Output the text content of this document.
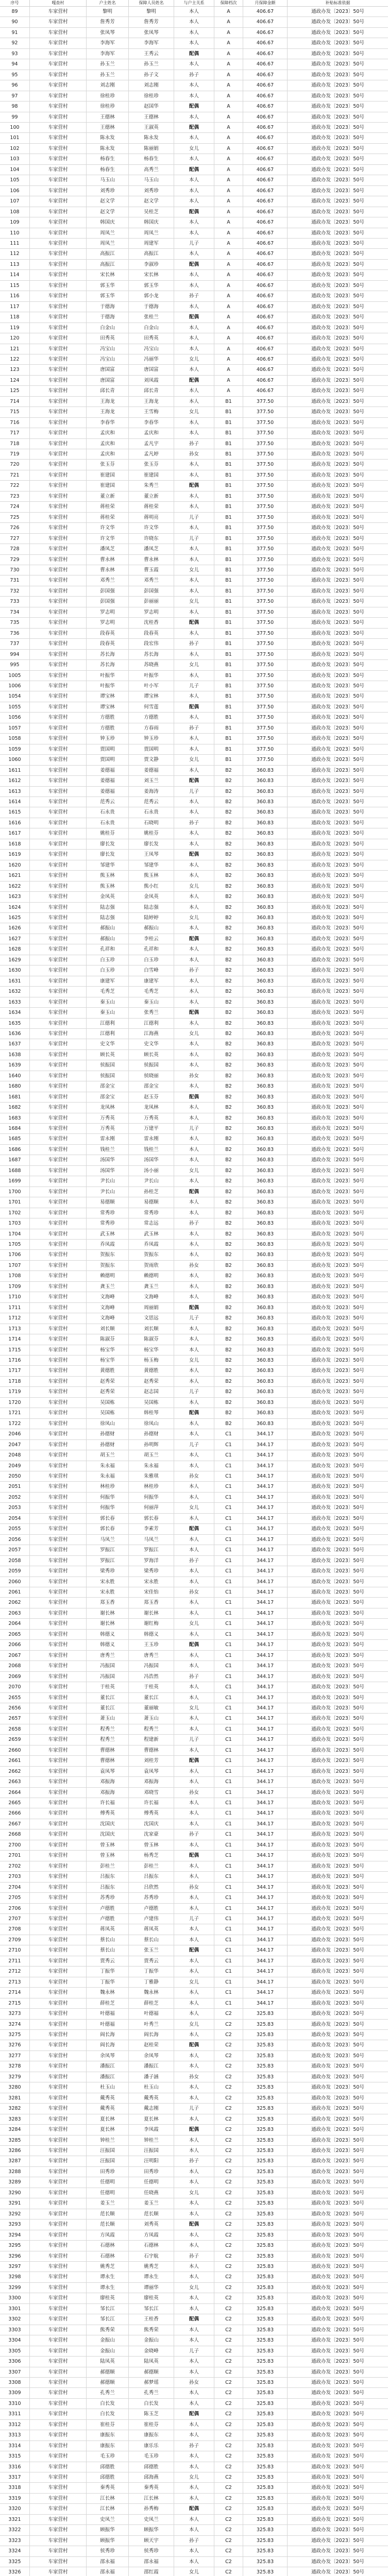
序号	嘎查村	户主姓名	保障人员姓名	与户主关系	保障档次	月保障金额	补贴标准依据
89	车家营村	黎明	黎明	本人	A	406.67	通政办发〔2023〕50号
90	车家营村	詹秀芳	詹秀芳	本人	A	406.67	通政办发〔2023〕50号
91	车家营村	张凤琴	张凤琴	本人	A	406.67	通政办发〔2023〕50号
92	车家营村	李海军	李海军	本人	A	406.67	通政办发〔2023〕50号
93	车家营村	李海军	王秀云	配偶	A	406.67	通政办发〔2023〕50号
94	车家营村	孙玉兰	孙玉兰	本人	A	406.67	通政办发〔2023〕50号
95	车家营村	孙玉兰	孙子文	孙子	A	406.67	通政办发〔2023〕50号
96	车家营村	刘志刚	刘志刚	本人	A	406.67	通政办发〔2023〕50号
97	车家营村	徐桂珍	徐桂珍	本人	A	406.67	通政办发〔2023〕50号
98	车家营村	徐桂珍	赵国华	配偶	A	406.67	通政办发〔2023〕50号
99	车家营村	王德林	王德林	本人	A	406.67	通政办发〔2023〕50号
100	车家营村	王德林	王淑英	配偶	A	406.67	通政办发〔2023〕50号
101	车家营村	陈永发	陈永发	本人	A	406.67	通政办发〔2023〕50号
102	车家营村	陈永发	陈丽娟	女儿	A	406.67	通政办发〔2023〕50号
103	车家营村	杨春生	杨春生	本人	A	406.67	通政办发〔2023〕50号
104	车家营村	杨春生	高秀兰	配偶	A	406.67	通政办发〔2023〕50号
105	车家营村	马玉山	马玉山	本人	A	406.67	通政办发〔2023〕50号
106	车家营村	刘秀珍	刘秀珍	本人	A	406.67	通政办发〔2023〕50号
107	车家营村	赵文学	赵文学	本人	A	406.67	通政办发〔2023〕50号
108	车家营村	赵文学	吴桂芝	配偶	A	406.67	通政办发〔2023〕50号
109	车家营村	韩国庆	韩国庆	本人	A	406.67	通政办发〔2023〕50号
110	车家营村	周凤兰	周凤兰	本人	A	406.67	通政办发〔2023〕50号
111	车家营村	周凤兰	周建军	儿子	A	406.67	通政办发〔2023〕50号
112	车家营村	高振江	高振江	本人	A	406.67	通政办发〔2023〕50号
113	车家营村	高振江	李淑珍	配偶	A	406.67	通政办发〔2023〕50号
114	车家营村	宋长林	宋长林	本人	A	406.67	通政办发〔2023〕50号
115	车家营村	郭玉华	郭玉华	本人	A	406.67	通政办发〔2023〕50号
116	车家营村	郭玉华	郭小龙	孙子	A	406.67	通政办发〔2023〕50号
117	车家营村	于德海	于德海	本人	A	406.67	通政办发〔2023〕50号
118	车家营村	于德海	张桂兰	配偶	A	406.67	通政办发〔2023〕50号
119	车家营村	白金山	白金山	本人	A	406.67	通政办发〔2023〕50号
120	车家营村	田秀英	田秀英	本人	A	406.67	通政办发〔2023〕50号
121	车家营村	冯宝山	冯宝山	本人	A	406.67	通政办发〔2023〕50号
122	车家营村	冯宝山	冯丽华	女儿	A	406.67	通政办发〔2023〕50号
123	车家营村	唐国富	唐国富	本人	A	406.67	通政办发〔2023〕50号
124	车家营村	唐国富	刘凤霞	配偶	A	406.67	通政办发〔2023〕50号
125	车家营村	邱长青	邱长青	本人	A	406.67	通政办发〔2023〕50号
714	车家营村	王海龙	王海龙	本人	B1	377.50	通政办发〔2023〕50号
715	车家营村	王海龙	王雪梅	女儿	B1	377.50	通政办发〔2023〕50号
716	车家营村	李春华	李春华	本人	B1	377.50	通政办发〔2023〕50号
717	车家营村	孟庆和	孟庆和	本人	B1	377.50	通政办发〔2023〕50号
718	车家营村	孟庆和	孟凡宇	孙子	B1	377.50	通政办发〔2023〕50号
719	车家营村	孟庆和	孟凡婷	孙女	B1	377.50	通政办发〔2023〕50号
720	车家营村	张玉芬	张玉芬	本人	B1	377.50	通政办发〔2023〕50号
721	车家营村	崔建国	崔建国	本人	B1	377.50	通政办发〔2023〕50号
722	车家营村	崔建国	朱秀兰	配偶	B1	377.50	通政办发〔2023〕50号
723	车家营村	董立新	董立新	本人	B1	377.50	通政办发〔2023〕50号
724	车家营村	蒋桂荣	蒋桂荣	本人	B1	377.50	通政办发〔2023〕50号
725	车家营村	蒋桂荣	蒋明亮	儿子	B1	377.50	通政办发〔2023〕50号
726	车家营村	许文华	许文华	本人	B1	377.50	通政办发〔2023〕50号
727	车家营村	许文华	许晓东	儿子	B1	377.50	通政办发〔2023〕50号
728	车家营村	潘凤芝	潘凤芝	本人	B1	377.50	通政办发〔2023〕50号
729	车家营村	曹永林	曹永林	本人	B1	377.50	通政办发〔2023〕50号
730	车家营村	曹永林	曹玉霞	女儿	B1	377.50	通政办发〔2023〕50号
731	车家营村	邓秀兰	邓秀兰	本人	B1	377.50	通政办发〔2023〕50号
732	车家营村	彭国强	彭国强	本人	B1	377.50	通政办发〔2023〕50号
733	车家营村	彭国强	彭丽丽	女儿	B1	377.50	通政办发〔2023〕50号
734	车家营村	罗志明	罗志明	本人	B1	377.50	通政办发〔2023〕50号
735	车家营村	罗志明	沈桂香	配偶	B1	377.50	通政办发〔2023〕50号
736	车家营村	段春英	段春英	本人	B1	377.50	通政办发〔2023〕50号
737	车家营村	段春英	段宏伟	孙子	B1	377.50	通政办发〔2023〕50号
994	车家营村	苏长海	苏长海	本人	B1	377.50	通政办发〔2023〕50号
995	车家营村	苏长海	苏晓燕	女儿	B1	377.50	通政办发〔2023〕50号
1005	车家营村	叶振华	叶振华	本人	B1	377.50	通政办发〔2023〕50号
1006	车家营村	叶振华	叶小军	儿子	B1	377.50	通政办发〔2023〕50号
1054	车家营村	谭宝林	谭宝林	本人	B1	377.50	通政办发〔2023〕50号
1055	车家营村	谭宝林	何雪莲	配偶	B1	377.50	通政办发〔2023〕50号
1056	车家营村	方德胜	方德胜	本人	B1	377.50	通政办发〔2023〕50号
1057	车家营村	方德胜	方春雨	孙子	B1	377.50	通政办发〔2023〕50号
1058	车家营村	钟玉珍	钟玉珍	本人	B1	377.50	通政办发〔2023〕50号
1059	车家营村	贾国明	贾国明	本人	B1	377.50	通政办发〔2023〕50号
1060	车家营村	贾国明	贾文静	女儿	B1	377.50	通政办发〔2023〕50号
1611	车家营村	姜德福	姜德福	本人	B2	360.83	通政办发〔2023〕50号
1612	车家营村	姜德福	刘玉兰	配偶	B2	360.83	通政办发〔2023〕50号
1613	车家营村	姜德福	姜海涛	儿子	B2	360.83	通政办发〔2023〕50号
1614	车家营村	范秀云	范秀云	本人	B2	360.83	通政办发〔2023〕50号
1615	车家营村	石永贵	石永贵	本人	B2	360.83	通政办发〔2023〕50号
1616	车家营村	石永贵	石晓明	孙子	B2	360.83	通政办发〔2023〕50号
1617	车家营村	姚桂芬	姚桂芬	本人	B2	360.83	通政办发〔2023〕50号
1618	车家营村	廖长发	廖长发	本人	B2	360.83	通政办发〔2023〕50号
1619	车家营村	廖长发	王凤琴	配偶	B2	360.83	通政办发〔2023〕50号
1620	车家营村	邹建华	邹建华	本人	B2	360.83	通政办发〔2023〕50号
1621	车家营村	熊玉林	熊玉林	本人	B2	360.83	通政办发〔2023〕50号
1622	车家营村	熊玉林	熊小红	女儿	B2	360.83	通政办发〔2023〕50号
1623	车家营村	金凤英	金凤英	本人	B2	360.83	通政办发〔2023〕50号
1624	车家营村	陆志强	陆志强	本人	B2	360.83	通政办发〔2023〕50号
1625	车家营村	陆志强	陆婷婷	女儿	B2	360.83	通政办发〔2023〕50号
1626	车家营村	郝振山	郝振山	本人	B2	360.83	通政办发〔2023〕50号
1627	车家营村	郝振山	李桂云	配偶	B2	360.83	通政办发〔2023〕50号
1628	车家营村	孔祥和	孔祥和	本人	B2	360.83	通政办发〔2023〕50号
1629	车家营村	白玉珍	白玉珍	本人	B2	360.83	通政办发〔2023〕50号
1630	车家营村	白玉珍	白雪峰	孙子	B2	360.83	通政办发〔2023〕50号
1631	车家营村	康建军	康建军	本人	B2	360.83	通政办发〔2023〕50号
1632	车家营村	毛秀芝	毛秀芝	本人	B2	360.83	通政办发〔2023〕50号
1633	车家营村	秦玉山	秦玉山	本人	B2	360.83	通政办发〔2023〕50号
1634	车家营村	秦玉山	张秀兰	配偶	B2	360.83	通政办发〔2023〕50号
1635	车家营村	江德利	江德利	本人	B2	360.83	通政办发〔2023〕50号
1636	车家营村	江德利	江海燕	女儿	B2	360.83	通政办发〔2023〕50号
1637	车家营村	史文华	史文华	本人	B2	360.83	通政办发〔2023〕50号
1638	车家营村	顾长英	顾长英	本人	B2	360.83	通政办发〔2023〕50号
1639	车家营村	侯振国	侯振国	本人	B2	360.83	通政办发〔2023〕50号
1640	车家营村	侯振国	侯晓丽	孙女	B2	360.83	通政办发〔2023〕50号
1680	车家营村	邵金宝	邵金宝	本人	B2	360.83	通政办发〔2023〕50号
1681	车家营村	邵金宝	赵玉芬	配偶	B2	360.83	通政办发〔2023〕50号
1682	车家营村	龙凤林	龙凤林	本人	B2	360.83	通政办发〔2023〕50号
1683	车家营村	万秀英	万秀英	本人	B2	360.83	通政办发〔2023〕50号
1684	车家营村	万秀英	万建平	儿子	B2	360.83	通政办发〔2023〕50号
1685	车家营村	雷永刚	雷永刚	本人	B2	360.83	通政办发〔2023〕50号
1686	车家营村	钱桂兰	钱桂兰	本人	B2	360.83	通政办发〔2023〕50号
1687	车家营村	汤国华	汤国华	本人	B2	360.83	通政办发〔2023〕50号
1688	车家营村	汤国华	汤小丽	女儿	B2	360.83	通政办发〔2023〕50号
1699	车家营村	尹长山	尹长山	本人	B2	360.83	通政办发〔2023〕50号
1700	车家营村	尹长山	孙桂芝	配偶	B2	360.83	通政办发〔2023〕50号
1701	车家营村	易德顺	易德顺	本人	B2	360.83	通政办发〔2023〕50号
1702	车家营村	常秀珍	常秀珍	本人	B2	360.83	通政办发〔2023〕50号
1703	车家营村	常秀珍	常志远	孙子	B2	360.83	通政办发〔2023〕50号
1704	车家营村	武玉林	武玉林	本人	B2	360.83	通政办发〔2023〕50号
1705	车家营村	乔凤霞	乔凤霞	本人	B2	360.83	通政办发〔2023〕50号
1706	车家营村	贺振东	贺振东	本人	B2	360.83	通政办发〔2023〕50号
1707	车家营村	贺振东	贺雨欣	孙女	B2	360.83	通政办发〔2023〕50号
1708	车家营村	赖德明	赖德明	本人	B2	360.83	通政办发〔2023〕50号
1709	车家营村	龚玉兰	龚玉兰	本人	B2	360.83	通政办发〔2023〕50号
1710	车家营村	文海峰	文海峰	本人	B2	360.83	通政办发〔2023〕50号
1711	车家营村	文海峰	周丽娟	配偶	B2	360.83	通政办发〔2023〕50号
1712	车家营村	文海峰	文思远	儿子	B2	360.83	通政办发〔2023〕50号
1713	车家营村	刘长顺	刘长顺	本人	B2	360.83	通政办发〔2023〕50号
1714	车家营村	陈淑芬	陈淑芬	本人	B2	360.83	通政办发〔2023〕50号
1715	车家营村	杨宝华	杨宝华	本人	B2	360.83	通政办发〔2023〕50号
1716	车家营村	杨宝华	杨玉梅	女儿	B2	360.83	通政办发〔2023〕50号
1717	车家营村	黄德胜	黄德胜	本人	B2	360.83	通政办发〔2023〕50号
1718	车家营村	赵秀荣	赵秀荣	本人	B2	360.83	通政办发〔2023〕50号
1719	车家营村	赵秀荣	赵志国	儿子	B2	360.83	通政办发〔2023〕50号
1720	车家营村	吴国栋	吴国栋	本人	B2	360.83	通政办发〔2023〕50号
1721	车家营村	吴国栋	韩桂琴	配偶	B2	360.83	通政办发〔2023〕50号
1722	车家营村	徐凤山	徐凤山	本人	B2	360.83	通政办发〔2023〕50号
2046	车家营村	孙德财	孙德财	本人	C1	344.17	通政办发〔2023〕50号
2047	车家营村	孙德财	孙明辉	儿子	C1	344.17	通政办发〔2023〕50号
2048	车家营村	胡玉兰	胡玉兰	本人	C1	344.17	通政办发〔2023〕50号
2049	车家营村	朱永福	朱永福	本人	C1	344.17	通政办发〔2023〕50号
2050	车家营村	朱永福	朱雅琪	孙女	C1	344.17	通政办发〔2023〕50号
2051	车家营村	林桂珍	林桂珍	本人	C1	344.17	通政办发〔2023〕50号
2052	车家营村	何振华	何振华	本人	C1	344.17	通政办发〔2023〕50号
2053	车家营村	何振华	何丽萍	女儿	C1	344.17	通政办发〔2023〕50号
2054	车家营村	郭长春	郭长春	本人	C1	344.17	通政办发〔2023〕50号
2055	车家营村	郭长春	李素芳	配偶	C1	344.17	通政办发〔2023〕50号
2056	车家营村	马凤兰	马凤兰	本人	C1	344.17	通政办发〔2023〕50号
2057	车家营村	罗振江	罗振江	本人	C1	344.17	通政办发〔2023〕50号
2058	车家营村	罗振江	罗海洋	孙子	C1	344.17	通政办发〔2023〕50号
2059	车家营村	梁秀珍	梁秀珍	本人	C1	344.17	通政办发〔2023〕50号
2060	车家营村	宋永胜	宋永胜	本人	C1	344.17	通政办发〔2023〕50号
2061	车家营村	宋永胜	宋佳怡	孙女	C1	344.17	通政办发〔2023〕50号
2062	车家营村	郑玉香	郑玉香	本人	C1	344.17	通政办发〔2023〕50号
2063	车家营村	谢长林	谢长林	本人	C1	344.17	通政办发〔2023〕50号
2064	车家营村	谢长林	谢红梅	女儿	C1	344.17	通政办发〔2023〕50号
2065	车家营村	韩德义	韩德义	本人	C1	344.17	通政办发〔2023〕50号
2066	车家营村	韩德义	王玉珍	配偶	C1	344.17	通政办发〔2023〕50号
2067	车家营村	唐秀兰	唐秀兰	本人	C1	344.17	通政办发〔2023〕50号
2068	车家营村	冯振国	冯振国	本人	C1	344.17	通政办发〔2023〕50号
2069	车家营村	冯振国	冯浩然	孙子	C1	344.17	通政办发〔2023〕50号
2070	车家营村	于桂英	于桂英	本人	C1	344.17	通政办发〔2023〕50号
2655	车家营村	董长江	董长江	本人	C1	344.17	通政办发〔2023〕50号
2656	车家营村	董长江	董丽敏	女儿	C1	344.17	通政办发〔2023〕50号
2657	车家营村	萧玉山	萧玉山	本人	C1	344.17	通政办发〔2023〕50号
2658	车家营村	程秀兰	程秀兰	本人	C1	344.17	通政办发〔2023〕50号
2659	车家营村	程秀兰	程建新	儿子	C1	344.17	通政办发〔2023〕50号
2660	车家营村	曹德林	曹德林	本人	C1	344.17	通政办发〔2023〕50号
2661	车家营村	曹德林	刘桂芳	配偶	C1	344.17	通政办发〔2023〕50号
2662	车家营村	袁凤琴	袁凤琴	本人	C1	344.17	通政办发〔2023〕50号
2663	车家营村	邓振海	邓振海	本人	C1	344.17	通政办发〔2023〕50号
2664	车家营村	邓振海	邓晓雪	孙女	C1	344.17	通政办发〔2023〕50号
2665	车家营村	许长福	许长福	本人	C1	344.17	通政办发〔2023〕50号
2666	车家营村	傅秀英	傅秀英	本人	C1	344.17	通政办发〔2023〕50号
2667	车家营村	沈国庆	沈国庆	本人	C1	344.17	通政办发〔2023〕50号
2668	车家营村	沈国庆	沈家豪	孙子	C1	344.17	通政办发〔2023〕50号
2700	车家营村	曾玉林	曾玉林	本人	C1	344.17	通政办发〔2023〕50号
2701	车家营村	曾玉林	杨秀芝	配偶	C1	344.17	通政办发〔2023〕50号
2702	车家营村	彭桂兰	彭桂兰	本人	C1	344.17	通政办发〔2023〕50号
2703	车家营村	吕振东	吕振东	本人	C1	344.17	通政办发〔2023〕50号
2704	车家营村	吕振东	吕欣然	孙女	C1	344.17	通政办发〔2023〕50号
2705	车家营村	苏秀珍	苏秀珍	本人	C1	344.17	通政办发〔2023〕50号
2706	车家营村	卢德胜	卢德胜	本人	C1	344.17	通政办发〔2023〕50号
2707	车家营村	卢德胜	卢建伟	儿子	C1	344.17	通政办发〔2023〕50号
2708	车家营村	蒋凤英	蒋凤英	本人	C1	344.17	通政办发〔2023〕50号
2709	车家营村	蔡长山	蔡长山	本人	C1	344.17	通政办发〔2023〕50号
2710	车家营村	蔡长山	张玉兰	配偶	C1	344.17	通政办发〔2023〕50号
2711	车家营村	贾秀云	贾秀云	本人	C1	344.17	通政办发〔2023〕50号
2712	车家营村	丁振华	丁振华	本人	C1	344.17	通政办发〔2023〕50号
2713	车家营村	丁振华	丁雅静	女儿	C1	344.17	通政办发〔2023〕50号
2714	车家营村	魏永林	魏永林	本人	C1	344.17	通政办发〔2023〕50号
2715	车家营村	薛桂芝	薛桂芝	本人	C1	344.17	通政办发〔2023〕50号
3273	车家营村	叶德福	叶德福	本人	C2	325.83	通政办发〔2023〕50号
3274	车家营村	叶德福	叶秀兰	女儿	C2	325.83	通政办发〔2023〕50号
3275	车家营村	阎长海	阎长海	本人	C2	325.83	通政办发〔2023〕50号
3276	车家营村	阎长海	赵桂荣	配偶	C2	325.83	通政办发〔2023〕50号
3277	车家营村	余凤琴	余凤琴	本人	C2	325.83	通政办发〔2023〕50号
3278	车家营村	潘振江	潘振江	本人	C2	325.83	通政办发〔2023〕50号
3279	车家营村	潘振江	潘子涵	孙女	C2	325.83	通政办发〔2023〕50号
3280	车家营村	杜玉山	杜玉山	本人	C2	325.83	通政办发〔2023〕50号
3281	车家营村	戴秀英	戴秀英	本人	C2	325.83	通政办发〔2023〕50号
3282	车家营村	戴秀英	戴志刚	儿子	C2	325.83	通政办发〔2023〕50号
3283	车家营村	夏长林	夏长林	本人	C2	325.83	通政办发〔2023〕50号
3284	车家营村	夏长林	李凤霞	配偶	C2	325.83	通政办发〔2023〕50号
3285	车家营村	钟桂兰	钟桂兰	本人	C2	325.83	通政办发〔2023〕50号
3286	车家营村	汪振国	汪振国	本人	C2	325.83	通政办发〔2023〕50号
3287	车家营村	汪振国	汪明阳	孙子	C2	325.83	通政办发〔2023〕50号
3288	车家营村	田秀珍	田秀珍	本人	C2	325.83	通政办发〔2023〕50号
3289	车家营村	任德明	任德明	本人	C2	325.83	通政办发〔2023〕50号
3290	车家营村	任德明	任晓燕	女儿	C2	325.83	通政办发〔2023〕50号
3291	车家营村	姜玉兰	姜玉兰	本人	C2	325.83	通政办发〔2023〕50号
3292	车家营村	范长顺	范长顺	本人	C2	325.83	通政办发〔2023〕50号
3293	车家营村	范长顺	刘秀英	配偶	C2	325.83	通政办发〔2023〕50号
3294	车家营村	方凤霞	方凤霞	本人	C2	325.83	通政办发〔2023〕50号
3295	车家营村	石德林	石德林	本人	C2	325.83	通政办发〔2023〕50号
3296	车家营村	石德林	石宇航	孙子	C2	325.83	通政办发〔2023〕50号
3297	车家营村	姚秀芝	姚秀芝	本人	C2	325.83	通政办发〔2023〕50号
3298	车家营村	谭永生	谭永生	本人	C2	325.83	通政办发〔2023〕50号
3299	车家营村	谭永生	谭丽华	女儿	C2	325.83	通政办发〔2023〕50号
3300	车家营村	廖桂英	廖桂英	本人	C2	325.83	通政办发〔2023〕50号
3301	车家营村	邹长江	邹长江	本人	C2	325.83	通政办发〔2023〕50号
3302	车家营村	邹长江	王桂香	配偶	C2	325.83	通政办发〔2023〕50号
3303	车家营村	熊秀荣	熊秀荣	本人	C2	325.83	通政办发〔2023〕50号
3304	车家营村	金振山	金振山	本人	C2	325.83	通政办发〔2023〕50号
3305	车家营村	金振山	金晓峰	儿子	C2	325.83	通政办发〔2023〕50号
3306	车家营村	陆凤英	陆凤英	本人	C2	325.83	通政办发〔2023〕50号
3307	车家营村	郝德顺	郝德顺	本人	C2	325.83	通政办发〔2023〕50号
3308	车家营村	郝德顺	郝梦瑶	孙女	C2	325.83	通政办发〔2023〕50号
3309	车家营村	孔秀兰	孔秀兰	本人	C2	325.83	通政办发〔2023〕50号
3310	车家营村	白长发	白长发	本人	C2	325.83	通政办发〔2023〕50号
3311	车家营村	白长发	陈玉芝	配偶	C2	325.83	通政办发〔2023〕50号
3312	车家营村	崔桂芬	崔桂芬	本人	C2	325.83	通政办发〔2023〕50号
3313	车家营村	康振东	康振东	本人	C2	325.83	通政办发〔2023〕50号
3314	车家营村	康振东	康乐乐	孙子	C2	325.83	通政办发〔2023〕50号
3315	车家营村	毛玉珍	毛玉珍	本人	C2	325.83	通政办发〔2023〕50号
3316	车家营村	邱德胜	邱德胜	本人	C2	325.83	通政办发〔2023〕50号
3317	车家营村	邱德胜	邱海燕	女儿	C2	325.83	通政办发〔2023〕50号
3318	车家营村	秦秀英	秦秀英	本人	C2	325.83	通政办发〔2023〕50号
3319	车家营村	江长林	江长林	本人	C2	325.83	通政办发〔2023〕50号
3320	车家营村	江长林	孙秀梅	配偶	C2	325.83	通政办发〔2023〕50号
3321	车家营村	史凤兰	史凤兰	本人	C2	325.83	通政办发〔2023〕50号
3322	车家营村	顾振华	顾振华	本人	C2	325.83	通政办发〔2023〕50号
3323	车家营村	顾振华	顾天宇	孙子	C2	325.83	通政办发〔2023〕50号
3324	车家营村	侯秀珍	侯秀珍	本人	C2	325.83	通政办发〔2023〕50号
3325	车家营村	邵永福	邵永福	本人	C2	325.83	通政办发〔2023〕50号
3326	车家营村	邵永福	邵红霞	女儿	C2	325.83	通政办发〔2023〕50号
